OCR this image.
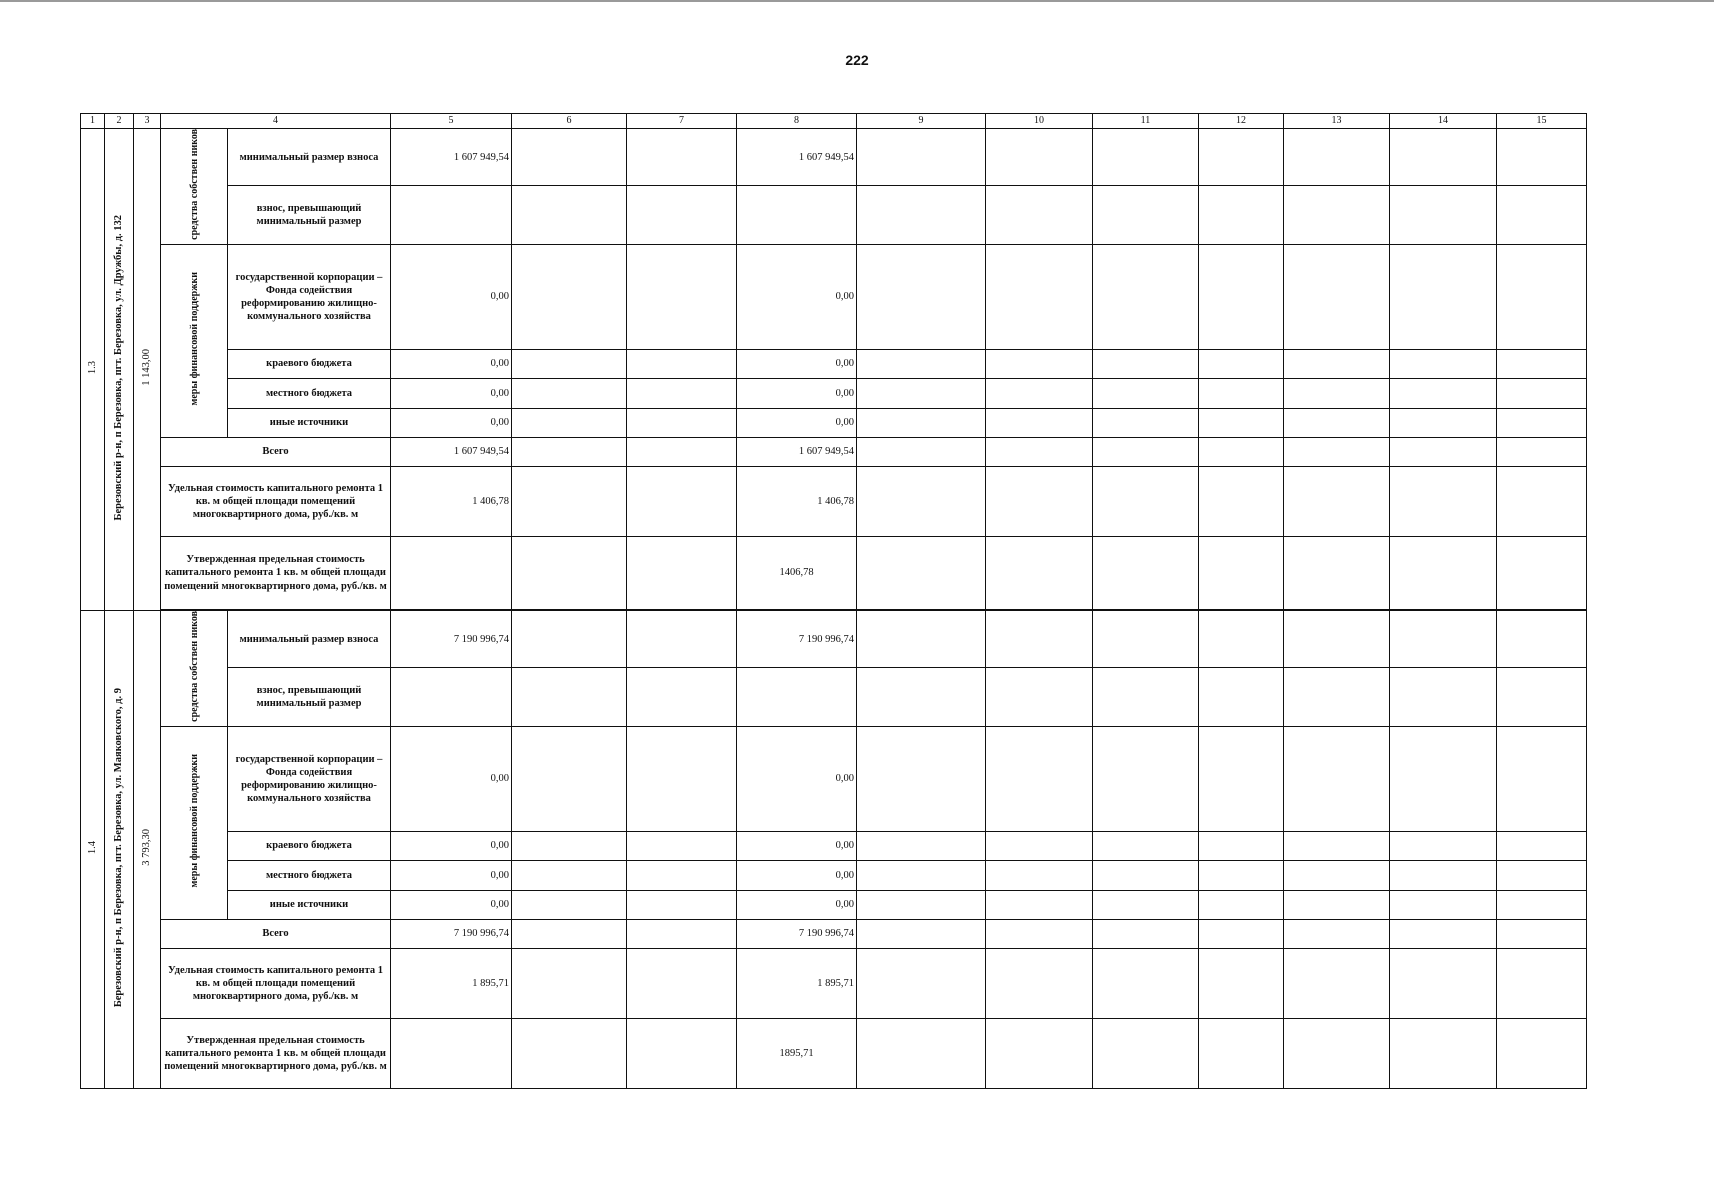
222
1	2	3	4		5	6	7	8	9	10	11	12	13	14	15
1.3	Березовский р-н, п Березовка, пгт. Березовка, ул. Дружбы, д. 132	1 143,00	средства собствен ников	минимальный размер взноса	1 607 949,54			1 607 949,54							
				взнос, превышающий минимальный размер											
			меры финансовой поддержки	государственной корпорации – Фонда содействия реформированию жилищно-коммунального хозяйства	0,00			0,00							
				краевого бюджета	0,00			0,00							
				местного бюджета	0,00			0,00							
				иные источники	0,00			0,00							
			Всего		1 607 949,54			1 607 949,54							
			Удельная стоимость капитального ремонта 1 кв. м общей площади помещений многоквартирного дома, руб./кв. м		1 406,78			1 406,78							
			Утвержденная предельная стоимость капитального ремонта 1 кв. м общей площади помещений многоквартирного дома, руб./кв. м					1406,78							

1.4	Березовский р-н, п Березовка, пгт. Березовка, ул. Маяковского, д. 9	3 793,30	средства собствен ников	минимальный размер взноса	7 190 996,74			7 190 996,74							
				взнос, превышающий минимальный размер											
			меры финансовой поддержки	государственной корпорации – Фонда содействия реформированию жилищно-коммунального хозяйства	0,00			0,00							
				краевого бюджета	0,00			0,00							
				местного бюджета	0,00			0,00							
				иные источники	0,00			0,00							
			Всего		7 190 996,74			7 190 996,74							
			Удельная стоимость капитального ремонта 1 кв. м общей площади помещений многоквартирного дома, руб./кв. м		1 895,71			1 895,71							
			Утвержденная предельная стоимость капитального ремонта 1 кв. м общей площади помещений многоквартирного дома, руб./кв. м					1895,71							
